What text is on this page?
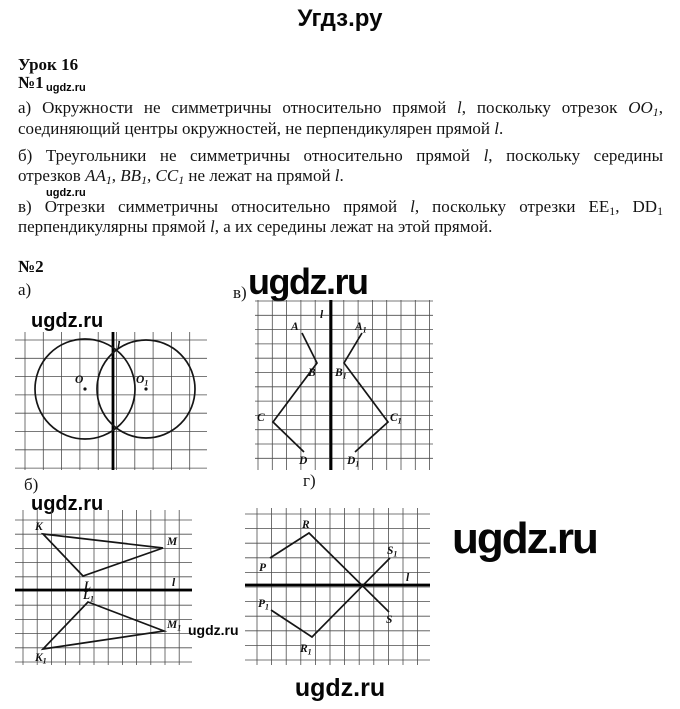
Угдз.ру
Урок 16
№1 ugdz.ru
а) Окружности не симметричны относительно прямой l, поскольку отрезок $OO_1$,
соединяющий центры окружностей, не перпендикулярен прямой l.
б) Треугольники не симметричны относительно прямой l, поскольку середины
отрезков $AA_1$, $BB_1$, $CC_1$ не лежат на прямой l.
ugdz.ru
в) Отрезки симметричны относительно прямой l, поскольку отрезки $EE_1$, $DD_1$
перпендикулярны прямой l, а их середины лежат на этой прямой.
№2
а)	в) ugdz.ru
ugdz.ru
O	$O_1$
l
A	$A_1$
B $B_1$
C	$C_1$
D	$D_1$
l
б)	г)
ugdz.ru
K
M
L
$L_1$
$M_1$
$K_1$
l
P
R
S
$P_1$
$R_1$
$S_1$
l
ugdz.ru
ugdz.ru
ugdz.ru
